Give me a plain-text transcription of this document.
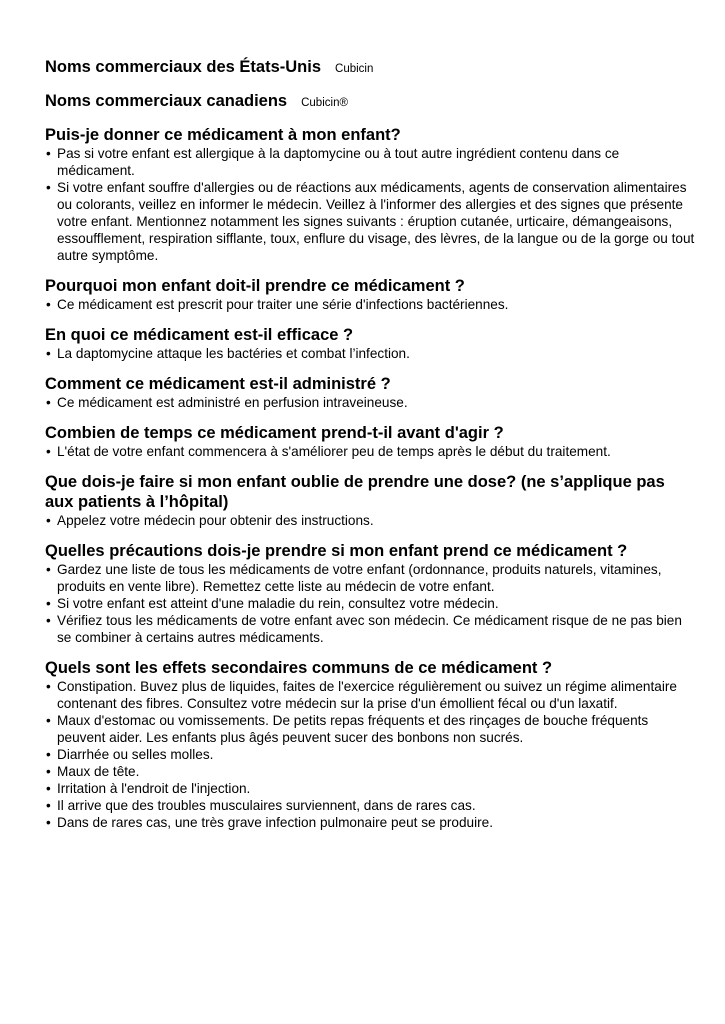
Noms commerciaux des États-Unis Cubicin
Noms commerciaux canadiens Cubicin®
Puis-je donner ce médicament à mon enfant?
• Pas si votre enfant est allergique à la daptomycine ou à tout autre ingrédient contenu dans ce médicament.
• Si votre enfant souffre d'allergies ou de réactions aux médicaments, agents de conservation alimentaires ou colorants, veillez en informer le médecin. Veillez à l'informer des allergies et des signes que présente votre enfant. Mentionnez notamment les signes suivants : éruption cutanée, urticaire, démangeaisons, essoufflement, respiration sifflante, toux, enflure du visage, des lèvres, de la langue ou de la gorge ou tout autre symptôme.
Pourquoi mon enfant doit-il prendre ce médicament ?
• Ce médicament est prescrit pour traiter une série d'infections bactériennes.
En quoi ce médicament est-il efficace ?
• La daptomycine attaque les bactéries et combat l’infection.
Comment ce médicament est-il administré ?
• Ce médicament est administré en perfusion intraveineuse.
Combien de temps ce médicament prend-t-il avant d'agir ?
• L'état de votre enfant commencera à s'améliorer peu de temps après le début du traitement.
Que dois-je faire si mon enfant oublie de prendre une dose? (ne s’applique pas aux patients à l’hôpital)
• Appelez votre médecin pour obtenir des instructions.
Quelles précautions dois-je prendre si mon enfant prend ce médicament ?
• Gardez une liste de tous les médicaments de votre enfant (ordonnance, produits naturels, vitamines, produits en vente libre). Remettez cette liste au médecin de votre enfant.
• Si votre enfant est atteint d'une maladie du rein, consultez votre médecin.
• Vérifiez tous les médicaments de votre enfant avec son médecin. Ce médicament risque de ne pas bien se combiner à certains autres médicaments.
Quels sont les effets secondaires communs de ce médicament ?
• Constipation. Buvez plus de liquides, faites de l'exercice régulièrement ou suivez un régime alimentaire contenant des fibres. Consultez votre médecin sur la prise d'un émollient fécal ou d'un laxatif.
• Maux d'estomac ou vomissements. De petits repas fréquents et des rinçages de bouche fréquents peuvent aider. Les enfants plus âgés peuvent sucer des bonbons non sucrés.
• Diarrhée ou selles molles.
• Maux de tête.
• Irritation à l'endroit de l'injection.
• Il arrive que des troubles musculaires surviennent, dans de rares cas.
• Dans de rares cas, une très grave infection pulmonaire peut se produire.
